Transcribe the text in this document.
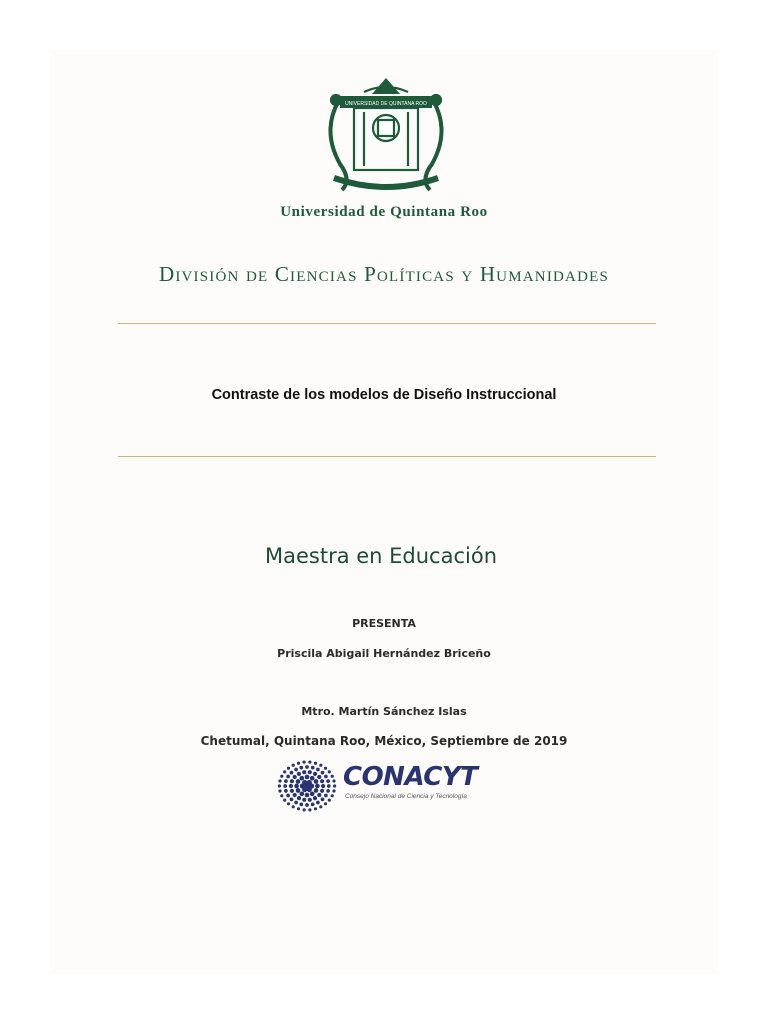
UNIVERSIDAD DE QUINTANA ROO
Universidad de Quintana Roo
División de Ciencias Políticas y Humanidades
Contraste de los modelos de Diseño Instruccional
Maestra en Educación
PRESENTA
Priscila Abigail Hernández Briceño
Mtro. Martín Sánchez Islas
Chetumal, Quintana Roo, México, Septiembre de 2019
CONACYT
Consejo Nacional de Ciencia y Tecnología
